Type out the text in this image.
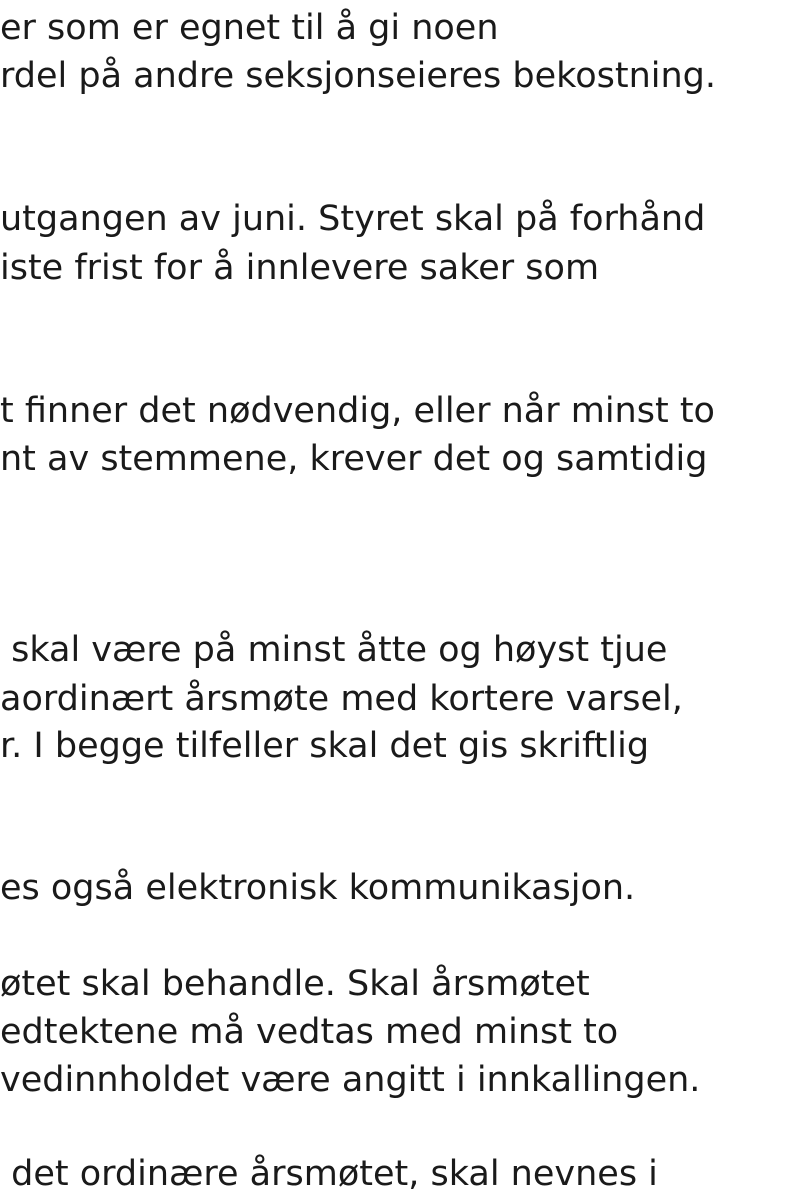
er som er egnet til å gi noen
rdel på andre seksjonseieres bekostning.
utgangen av juni. Styret skal på forhånd
iste frist for å innlevere saker som
t finner det nødvendig, eller når minst to
nt av stemmene, krever det og samtidig
skal være på minst åtte og høyst tjue
aordinært årsmøte med kortere varsel,
r. I begge tilfeller skal det gis skriftlig
es også elektronisk kommunikasjon.
øtet skal behandle. Skal årsmøtet
edtektene må vedtas med minst to
vedinnholdet være angitt i innkallingen.
det ordinære årsmøtet, skal nevnes i
